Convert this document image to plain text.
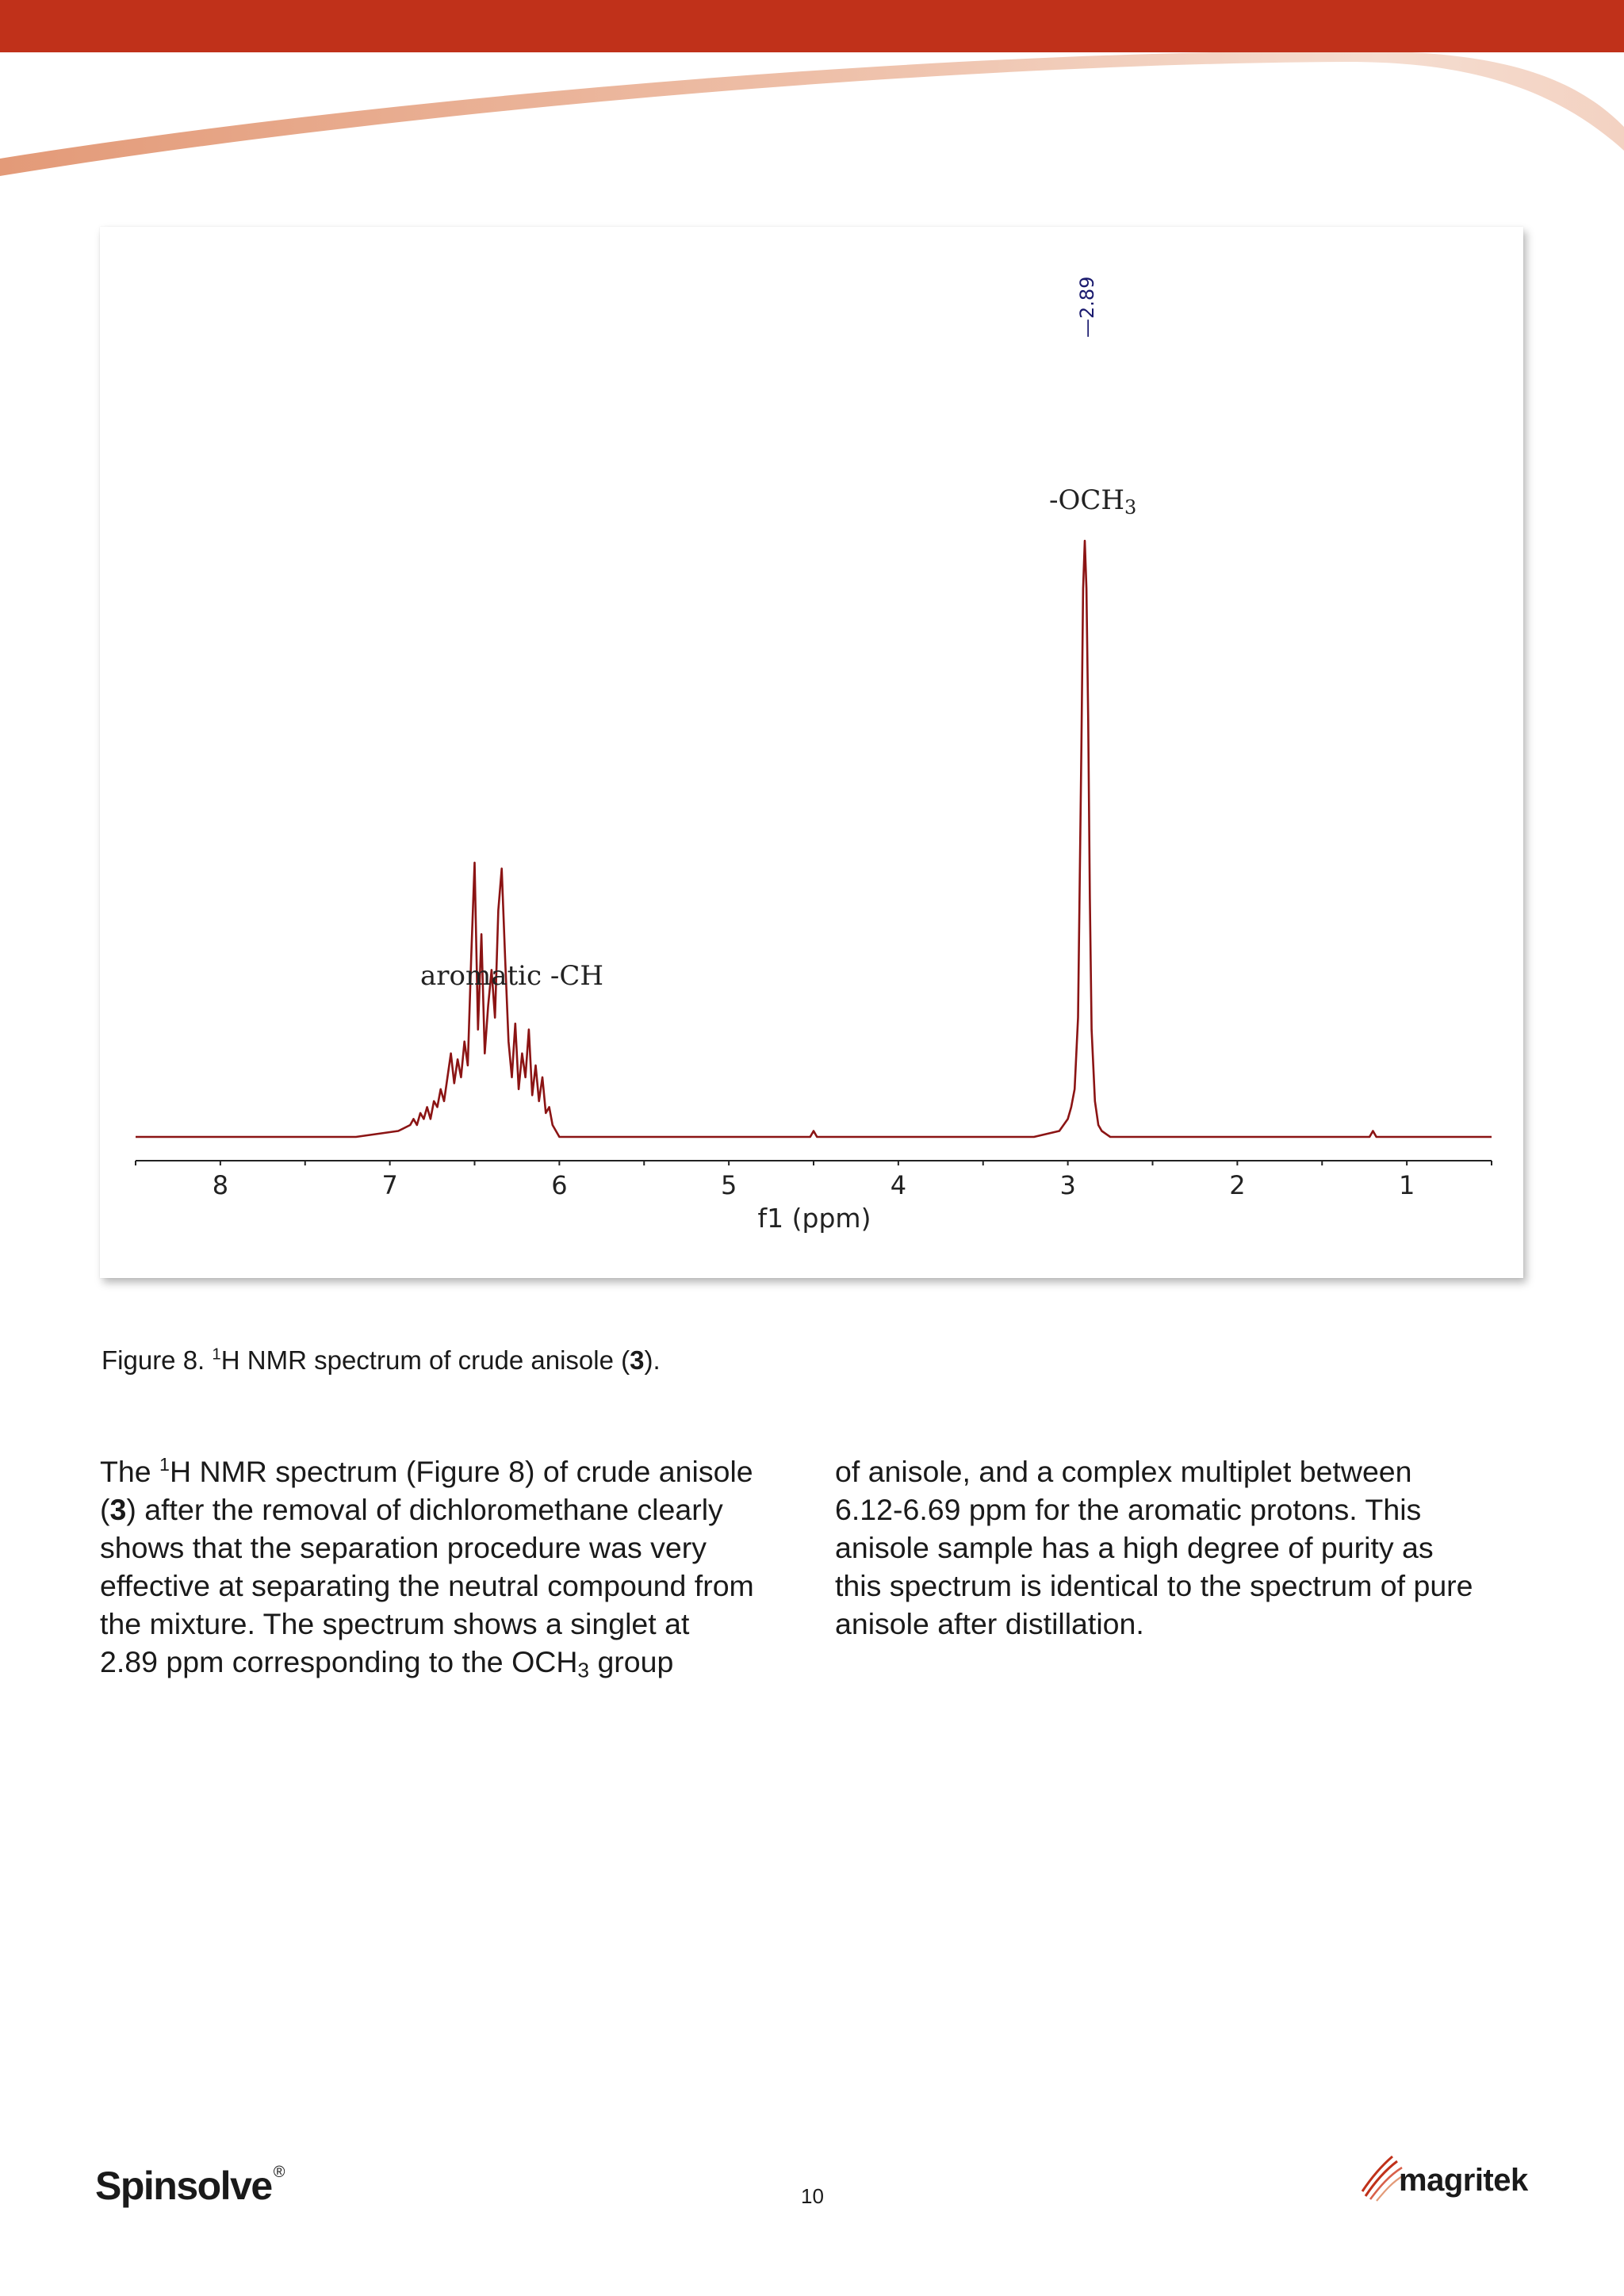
8	7	6	5	4	3	2	1
—2.89
-OCH3
aromatic -CH
f1 (ppm)

Figure 8. $^1$H NMR spectrum of crude anisole (3).

The $^1$H NMR spectrum (Figure 8) of crude anisole
(3) after the removal of dichloromethane clearly
shows that the separation procedure was very
effective at separating the neutral compound from
the mixture. The spectrum shows a singlet at
2.89 ppm corresponding to the $OCH_3$ group
of anisole, and a complex multiplet between
6.12-6.69 ppm for the aromatic protons. This
anisole sample has a high degree of purity as
this spectrum is identical to the spectrum of pure
anisole after distillation.
Spinsolve ®
10	magritek
